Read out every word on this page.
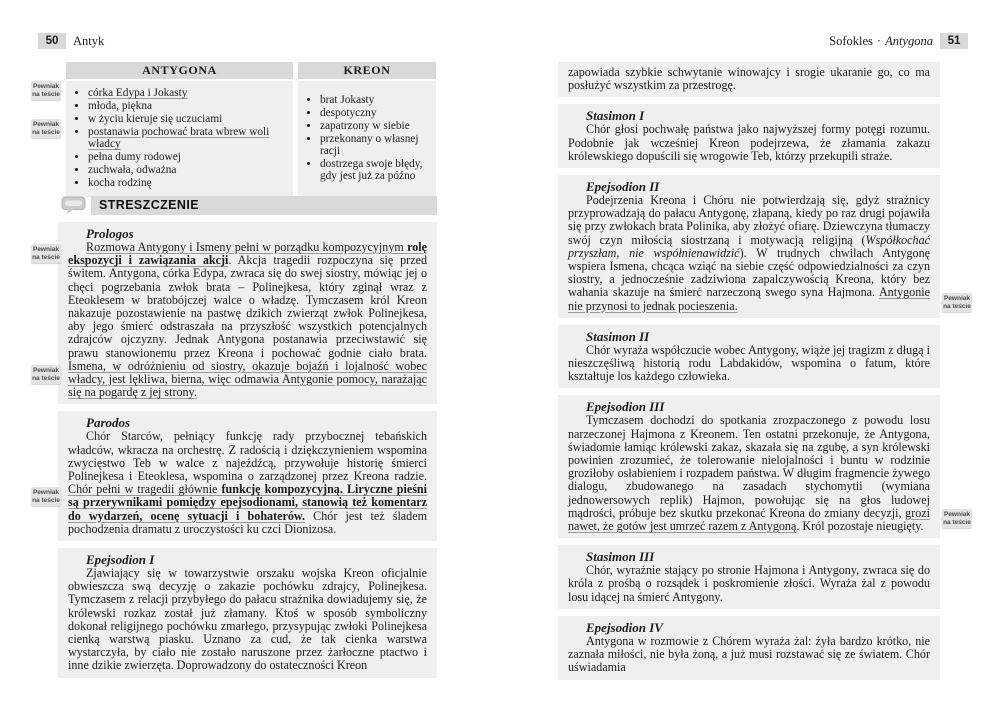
50	Antyk
ANTYGONA
• córka Edypa i Jokasty
• młoda, piękna
• w życiu kieruje się uczuciami
• postanawia pochować brata wbrew woli władcy
• pełna dumy rodowej
• zuchwała, odważna
• kocha rodzinę
KREON
• brat Jokasty
• despotyczny
• zapatrzony w siebie
• przekonany o własnej racji
• dostrzega swoje błędy, gdy jest już za późno
STRESZCZENIE
Prologos

Rozmowa Antygony i Ismeny pełni w porządku kompozycyjnym rolę ekspozycji i zawiązania akcji. Akcja tragedii rozpoczyna się przed świtem. Antygona, córka Edypa, zwraca się do swej siostry, mówiąc jej o chęci pogrzebania zwłok brata – Polinejkesa, który zginął wraz z Eteoklesem w bratobójczej walce o władzę. Tymczasem król Kreon nakazuje pozostawienie na pastwę dzikich zwierząt zwłok Polinejkesa, aby jego śmierć odstraszała na przyszłość wszystkich potencjalnych zdrajców ojczyzny. Jednak Antygona postanawia przeciwstawić się prawu stanowionemu przez Kreona i pochować godnie ciało brata. Ismena, w odróżnieniu od siostry, okazuje bojaźń i lojalność wobec władcy, jest lękliwa, bierna, więc odmawia Antygonie pomocy, narażając się na pogardę z jej strony.

Parodos

Chór Starców, pełniący funkcję rady przybocznej tebańskich władców, wkracza na orchestrę. Z radością i dziękczynieniem wspomina zwycięstwo Teb w walce z najeźdźcą, przywołuje historię śmierci Polinejkesa i Eteoklesa, wspomina o zarządzonej przez Kreona radzie. Chór pełni w tragedii głównie funkcję kompozycyjną. Liryczne pieśni są przerywnikami pomiędzy epejsodionami, stanowią też komentarz do wydarzeń, ocenę sytuacji i bohaterów. Chór jest też śladem pochodzenia dramatu z uroczystości ku czci Dionizosa.

Epejsodion I

Zjawiający się w towarzystwie orszaku wojska Kreon oficjalnie obwieszcza swą decyzję o zakazie pochówku zdrajcy, Polinejkesa. Tymczasem z relacji przybyłego do pałacu strażnika dowiadujemy się, że królewski rozkaz został już złamany. Ktoś w sposób symboliczny dokonał religijnego pochówku zmarłego, przysypując zwłoki Polinejkesa cienką warstwą piasku. Uznano za cud, że tak cienka warstwa wystarczyła, by ciało nie zostało naruszone przez żarłoczne ptactwo i inne dzikie zwierzęta. Doprowadzony do ostateczności Kreon

Sofokles · Antygona	51

zapowiada szybkie schwytanie winowajcy i srogie ukaranie go, co ma posłużyć wszystkim za przestrogę.

Stasimon I

Chór głosi pochwałę państwa jako najwyższej formy potęgi rozumu. Podobnie jak wcześniej Kreon podejrzewa, że złamania zakazu królewskiego dopuścili się wrogowie Teb, którzy przekupili straże.

Epejsodion II

Podejrzenia Kreona i Chóru nie potwierdzają się, gdyż strażnicy przyprowadzają do pałacu Antygonę, złapaną, kiedy po raz drugi pojawiła się przy zwłokach brata Polinika, aby złożyć ofiarę. Dziewczyna tłumaczy swój czyn miłością siostrzaną i motywacją religijną (Współkochać przyszłam, nie współnienawidzić). W trudnych chwilach Antygonę wspiera Ismena, chcąca wziąć na siebie część odpowiedzialności za czyn siostry, a jednocześnie zadziwiona zapalczywością Kreona, który bez wahania skazuje na śmierć narzeczoną swego syna Hajmona. Antygonie nie przynosi to jednak pocieszenia.

Stasimon II

Chór wyraża współczucie wobec Antygony, wiąże jej tragizm z długą i nieszczęśliwą historią rodu Labdakidów, wspomina o fatum, które kształtuje los każdego człowieka.

Epejsodion III

Tymczasem dochodzi do spotkania zrozpaczonego z powodu losu narzeczonej Hajmona z Kreonem. Ten ostatni przekonuje, że Antygona, świadomie łamiąc królewski zakaz, skazała się na zgubę, a syn królewski powinien zrozumieć, że tolerowanie nielojalności i buntu w rodzinie groziłoby osłabieniem i rozpadem państwa. W długim fragmencie żywego dialogu, zbudowanego na zasadach stychomytii (wymiana jednowersowych replik) Hajmon, powołując się na głos ludowej mądrości, próbuje bez skutku przekonać Kreona do zmiany decyzji, grozi nawet, że gotów jest umrzeć razem z Antygoną. Król pozostaje nieugięty.

Stasimon III

Chór, wyraźnie stający po stronie Hajmona i Antygony, zwraca się do króla z prośbą o rozsądek i poskromienie złości. Wyraża żal z powodu losu idącej na śmierć Antygony.

Epejsodion IV

Antygona w rozmowie z Chórem wyraża żal: żyła bardzo krótko, nie zaznała miłości, nie była żoną, a już musi rozstawać się ze światem. Chór uświadamia

Pewniak na teście
Pewniak na teście
Pewniak na teście
Pewniak na teście
Pewniak na teście
Pewniak na teście
Pewniak na teście
